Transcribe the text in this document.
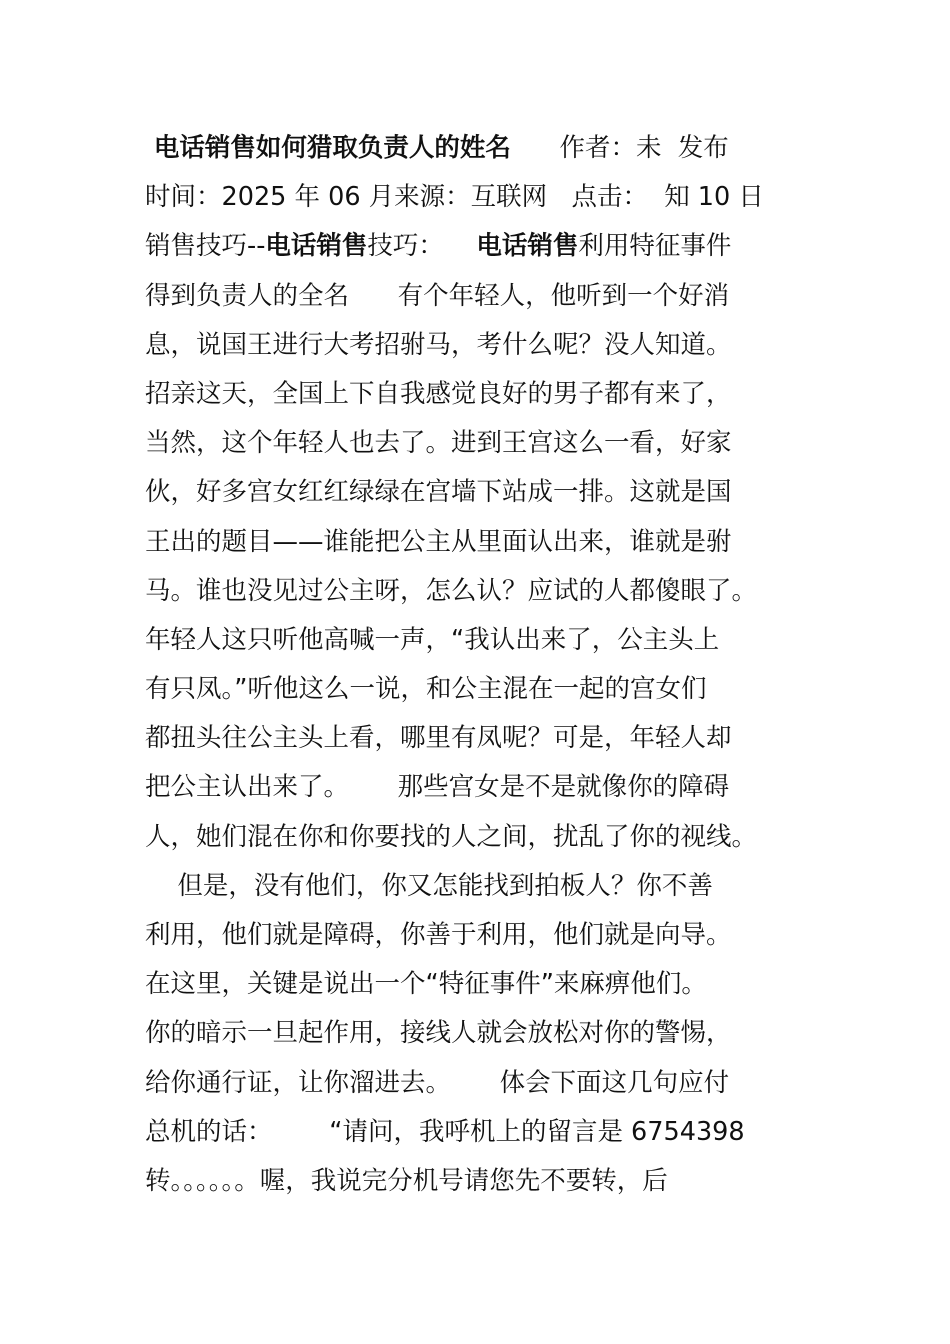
电话销售如何猎取负责人的姓名      作者：未  发布
时间：2025 年 06 月来源：互联网   点击：  知 10 日
销售技巧--电话销售技巧：    电话销售利用特征事件
得到负责人的全名      有个年轻人，他听到一个好消
息，说国王进行大考招驸马，考什么呢？没人知道。
招亲这天，全国上下自我感觉良好的男子都有来了，
当然，这个年轻人也去了。进到王宫这么一看，好家
伙，好多宫女红红绿绿在宫墙下站成一排。这就是国
王出的题目——谁能把公主从里面认出来，谁就是驸
马。谁也没见过公主呀，怎么认？应试的人都傻眼了。
年轻人这只听他高喊一声，“我认出来了，公主头上
有只凤。”听他这么一说，和公主混在一起的宫女们
都扭头往公主头上看，哪里有凤呢？可是，年轻人却
把公主认出来了。      那些宫女是不是就像你的障碍
人，她们混在你和你要找的人之间，扰乱了你的视线。
但是，没有他们，你又怎能找到拍板人？你不善
利用，他们就是障碍，你善于利用，他们就是向导。
在这里，关键是说出一个“特征事件”来麻痹他们。
你的暗示一旦起作用，接线人就会放松对你的警惕，
给你通行证，让你溜进去。      体会下面这几句应付
总机的话：       “请问，我呼机上的留言是 6754398
转。。。。。。喔，我说完分机号请您先不要转，后
